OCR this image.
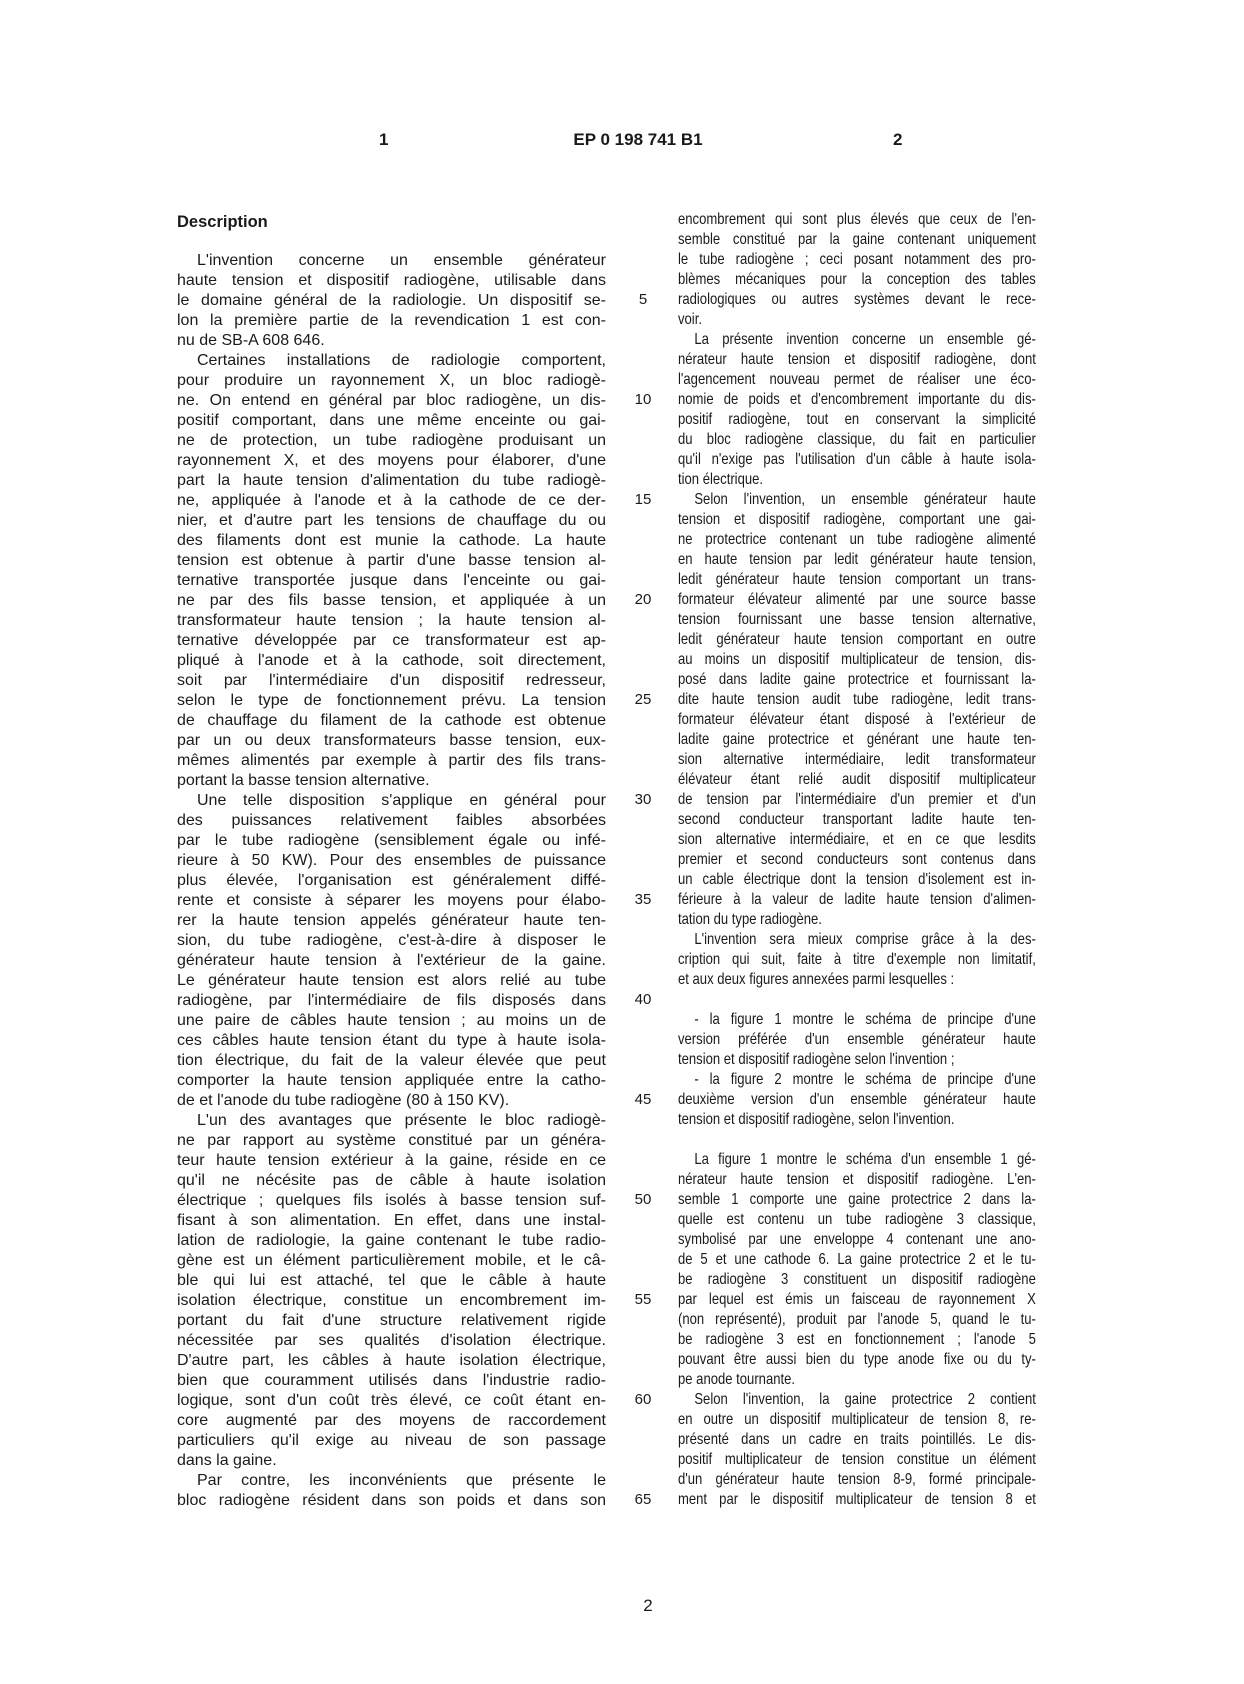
1	EP 0 198 741 B1	2
Description
L'invention concerne un ensemble générateur
haute tension et dispositif radiogène, utilisable dans
le domaine général de la radiologie. Un dispositif se-
lon la première partie de la revendication 1 est con-
nu de SB-A 608 646.
Certaines installations de radiologie comportent,
pour produire un rayonnement X, un bloc radiogè-
ne. On entend en général par bloc radiogène, un dis-
positif comportant, dans une même enceinte ou gai-
ne de protection, un tube radiogène produisant un
rayonnement X, et des moyens pour élaborer, d'une
part la haute tension d'alimentation du tube radiogè-
ne, appliquée à l'anode et à la cathode de ce der-
nier, et d'autre part les tensions de chauffage du ou
des filaments dont est munie la cathode. La haute
tension est obtenue à partir d'une basse tension al-
ternative transportée jusque dans l'enceinte ou gai-
ne par des fils basse tension, et appliquée à un
transformateur haute tension ; la haute tension al-
ternative développée par ce transformateur est ap-
pliqué à l'anode et à la cathode, soit directement,
soit par l'intermédiaire d'un dispositif redresseur,
selon le type de fonctionnement prévu. La tension
de chauffage du filament de la cathode est obtenue
par un ou deux transformateurs basse tension, eux-
mêmes alimentés par exemple à partir des fils trans-
portant la basse tension alternative.
Une telle disposition s'applique en général pour
des puissances relativement faibles absorbées
par le tube radiogène (sensiblement égale ou infé-
rieure à 50 KW). Pour des ensembles de puissance
plus élevée, l'organisation est généralement diffé-
rente et consiste à séparer les moyens pour élabo-
rer la haute tension appelés générateur haute ten-
sion, du tube radiogène, c'est-à-dire à disposer le
générateur haute tension à l'extérieur de la gaine.
Le générateur haute tension est alors relié au tube
radiogène, par l'intermédiaire de fils disposés dans
une paire de câbles haute tension ; au moins un de
ces câbles haute tension étant du type à haute isola-
tion électrique, du fait de la valeur élevée que peut
comporter la haute tension appliquée entre la catho-
de et l'anode du tube radiogène (80 à 150 KV).
L'un des avantages que présente le bloc radiogè-
ne par rapport au système constitué par un généra-
teur haute tension extérieur à la gaine, réside en ce
qu'il ne nécésite pas de câble à haute isolation
électrique ; quelques fils isolés à basse tension suf-
fisant à son alimentation. En effet, dans une instal-
lation de radiologie, la gaine contenant le tube radio-
gène est un élément particulièrement mobile, et le câ-
ble qui lui est attaché, tel que le câble à haute
isolation électrique, constitue un encombrement im-
portant du fait d'une structure relativement rigide
nécessitée par ses qualités d'isolation électrique.
D'autre part, les câbles à haute isolation électrique,
bien que couramment utilisés dans l'industrie radio-
logique, sont d'un coût très élevé, ce coût étant en-
core augmenté par des moyens de raccordement
particuliers qu'il exige au niveau de son passage
dans la gaine.
Par contre, les inconvénients que présente le
bloc radiogène résident dans son poids et dans son
encombrement qui sont plus élevés que ceux de l'en-
semble constitué par la gaine contenant uniquement
le tube radiogène ; ceci posant notamment des pro-
blèmes mécaniques pour la conception des tables
radiologiques ou autres systèmes devant le rece-
voir.
La présente invention concerne un ensemble gé-
nérateur haute tension et dispositif radiogène, dont
l'agencement nouveau permet de réaliser une éco-
nomie de poids et d'encombrement importante du dis-
positif radiogène, tout en conservant la simplicité
du bloc radiogène classique, du fait en particulier
qu'il n'exige pas l'utilisation d'un câble à haute isola-
tion électrique.
Selon l'invention, un ensemble générateur haute
tension et dispositif radiogène, comportant une gai-
ne protectrice contenant un tube radiogène alimenté
en haute tension par ledit générateur haute tension,
ledit générateur haute tension comportant un trans-
formateur élévateur alimenté par une source basse
tension fournissant une basse tension alternative,
ledit générateur haute tension comportant en outre
au moins un dispositif multiplicateur de tension, dis-
posé dans ladite gaine protectrice et fournissant la-
dite haute tension audit tube radiogène, ledit trans-
formateur élévateur étant disposé à l'extérieur de
ladite gaine protectrice et générant une haute ten-
sion alternative intermédiaire, ledit transformateur
élévateur étant relié audit dispositif multiplicateur
de tension par l'intermédiaire d'un premier et d'un
second conducteur transportant ladite haute ten-
sion alternative intermédiaire, et en ce que lesdits
premier et second conducteurs sont contenus dans
un cable électrique dont la tension d'isolement est in-
férieure à la valeur de ladite haute tension d'alimen-
tation du type radiogène.
L'invention sera mieux comprise grâce à la des-
cription qui suit, faite à titre d'exemple non limitatif,
et aux deux figures annexées parmi lesquelles :
- la figure 1 montre le schéma de principe d'une
version préférée d'un ensemble générateur haute
tension et dispositif radiogène selon l'invention ;
- la figure 2 montre le schéma de principe d'une
deuxième version d'un ensemble générateur haute
tension et dispositif radiogène, selon l'invention.
La figure 1 montre le schéma d'un ensemble 1 gé-
nérateur haute tension et dispositif radiogène. L'en-
semble 1 comporte une gaine protectrice 2 dans la-
quelle est contenu un tube radiogène 3 classique,
symbolisé par une enveloppe 4 contenant une ano-
de 5 et une cathode 6. La gaine protectrice 2 et le tu-
be radiogène 3 constituent un dispositif radiogène
par lequel est émis un faisceau de rayonnement X
(non représenté), produit par l'anode 5, quand le tu-
be radiogène 3 est en fonctionnement ; l'anode 5
pouvant être aussi bien du type anode fixe ou du ty-
pe anode tournante.
Selon l'invention, la gaine protectrice 2 contient
en outre un dispositif multiplicateur de tension 8, re-
présenté dans un cadre en traits pointillés. Le dis-
positif multiplicateur de tension constitue un élément
d'un générateur haute tension 8-9, formé principale-
ment par le dispositif multiplicateur de tension 8 et
5
10
15
20
25
30
35
40
45
50
55
60
65
2
